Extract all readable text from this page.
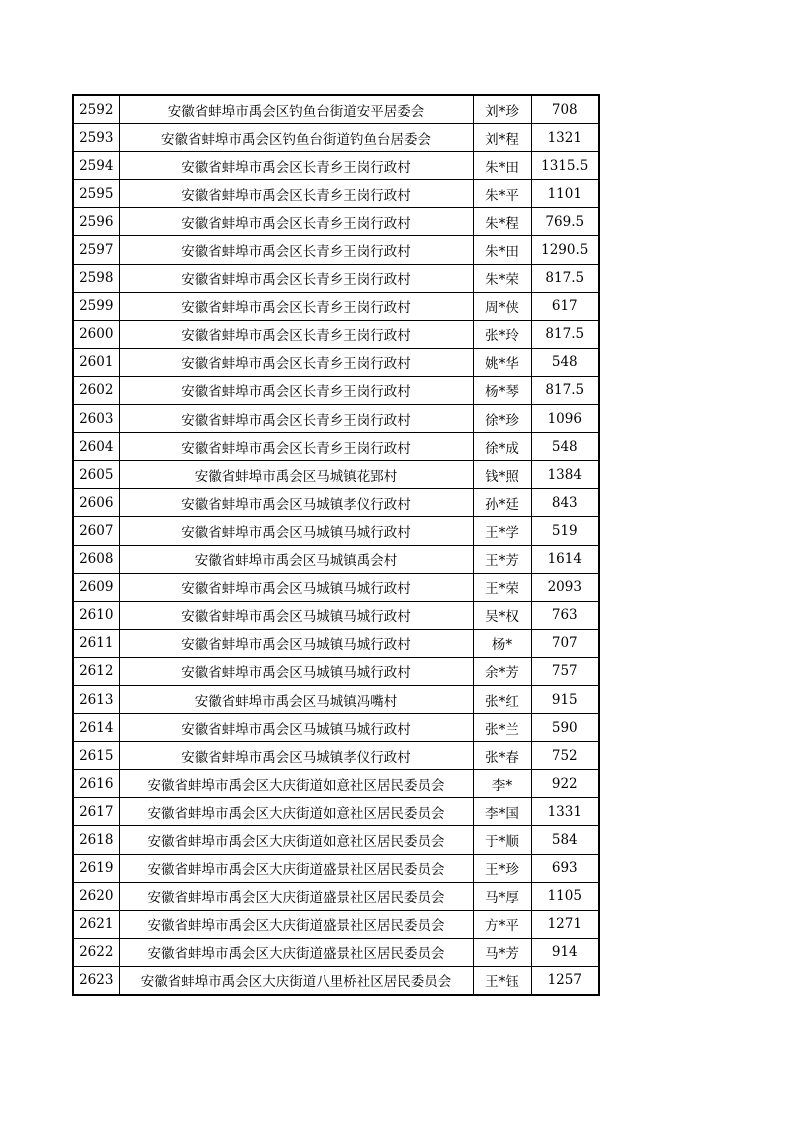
2592	安徽省蚌埠市禹会区钓鱼台街道安平居委会	刘*珍	708
2593	安徽省蚌埠市禹会区钓鱼台街道钓鱼台居委会	刘*程	1321
2594	安徽省蚌埠市禹会区长青乡王岗行政村	朱*田	1315.5
2595	安徽省蚌埠市禹会区长青乡王岗行政村	朱*平	1101
2596	安徽省蚌埠市禹会区长青乡王岗行政村	朱*程	769.5
2597	安徽省蚌埠市禹会区长青乡王岗行政村	朱*田	1290.5
2598	安徽省蚌埠市禹会区长青乡王岗行政村	朱*荣	817.5
2599	安徽省蚌埠市禹会区长青乡王岗行政村	周*侠	617
2600	安徽省蚌埠市禹会区长青乡王岗行政村	张*玲	817.5
2601	安徽省蚌埠市禹会区长青乡王岗行政村	姚*华	548
2602	安徽省蚌埠市禹会区长青乡王岗行政村	杨*琴	817.5
2603	安徽省蚌埠市禹会区长青乡王岗行政村	徐*珍	1096
2604	安徽省蚌埠市禹会区长青乡王岗行政村	徐*成	548
2605	安徽省蚌埠市禹会区马城镇花郢村	钱*照	1384
2606	安徽省蚌埠市禹会区马城镇孝仪行政村	孙*廷	843
2607	安徽省蚌埠市禹会区马城镇马城行政村	王*学	519
2608	安徽省蚌埠市禹会区马城镇禹会村	王*芳	1614
2609	安徽省蚌埠市禹会区马城镇马城行政村	王*荣	2093
2610	安徽省蚌埠市禹会区马城镇马城行政村	吴*权	763
2611	安徽省蚌埠市禹会区马城镇马城行政村	杨*	707
2612	安徽省蚌埠市禹会区马城镇马城行政村	余*芳	757
2613	安徽省蚌埠市禹会区马城镇冯嘴村	张*红	915
2614	安徽省蚌埠市禹会区马城镇马城行政村	张*兰	590
2615	安徽省蚌埠市禹会区马城镇孝仪行政村	张*春	752
2616	安徽省蚌埠市禹会区大庆街道如意社区居民委员会	李*	922
2617	安徽省蚌埠市禹会区大庆街道如意社区居民委员会	李*国	1331
2618	安徽省蚌埠市禹会区大庆街道如意社区居民委员会	于*顺	584
2619	安徽省蚌埠市禹会区大庆街道盛景社区居民委员会	王*珍	693
2620	安徽省蚌埠市禹会区大庆街道盛景社区居民委员会	马*厚	1105
2621	安徽省蚌埠市禹会区大庆街道盛景社区居民委员会	方*平	1271
2622	安徽省蚌埠市禹会区大庆街道盛景社区居民委员会	马*芳	914
2623	安徽省蚌埠市禹会区大庆街道八里桥社区居民委员会	王*钰	1257
